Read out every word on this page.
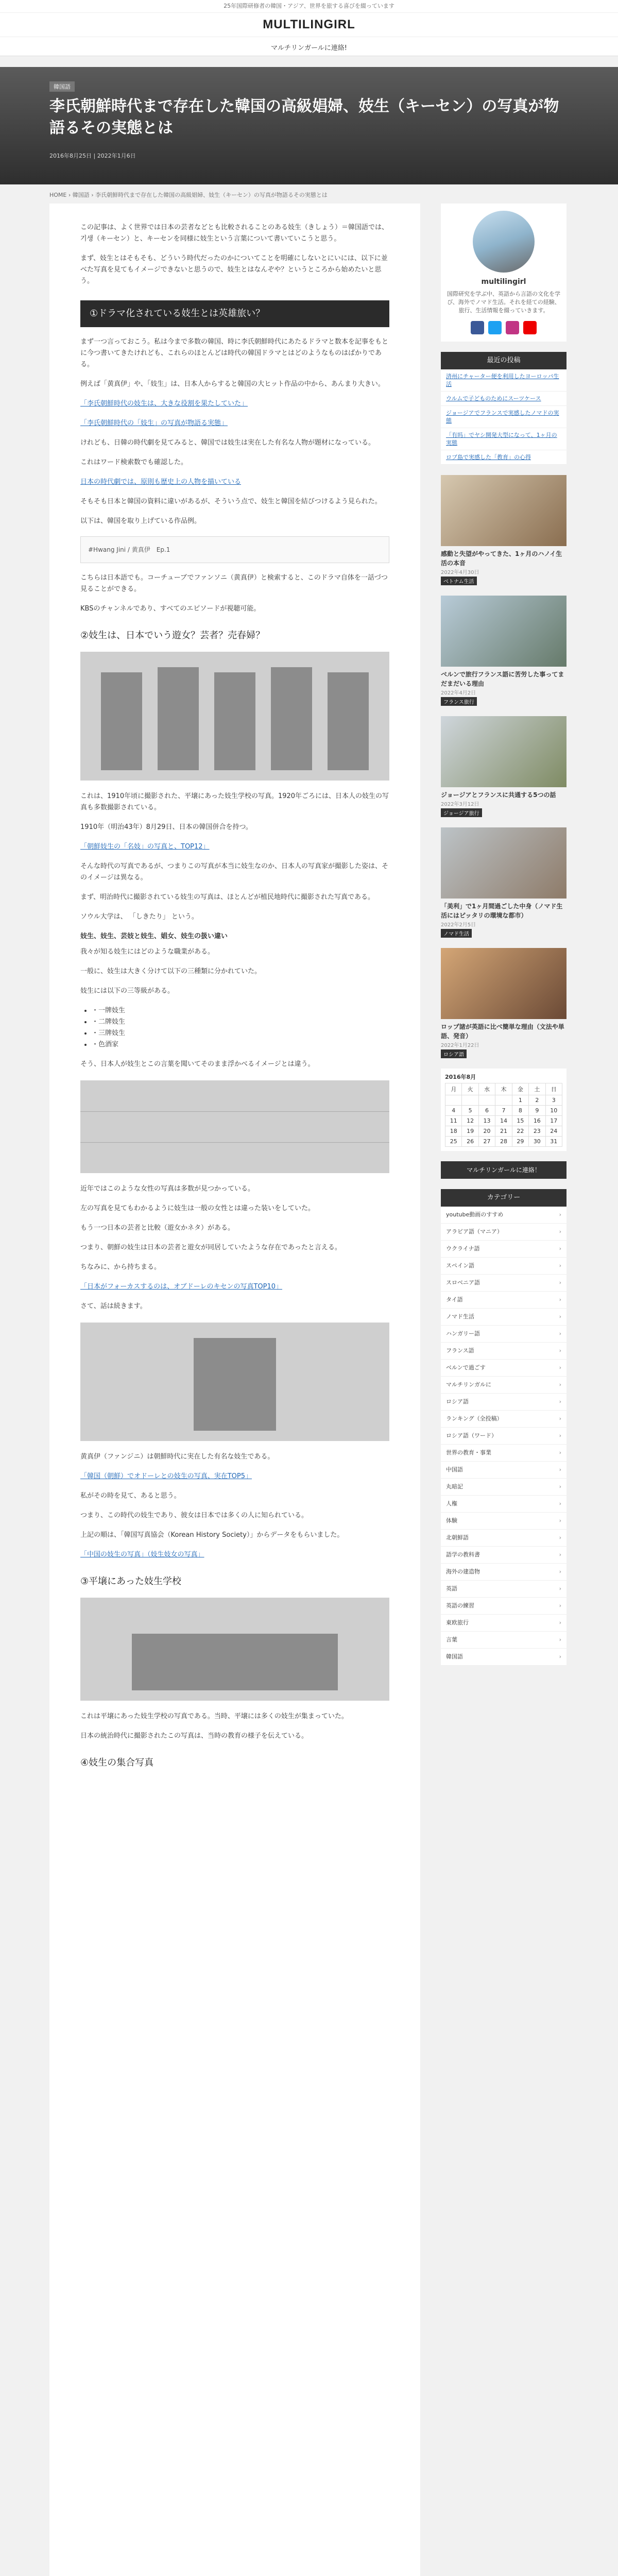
25年国際研修者の韓国・アジア、世界を旅する喜びを綴っています
MULTILINGIRL
マルチリンガールに連絡!
韓国語
李氏朝鮮時代まで存在した韓国の高級娼婦、妓生（キーセン）の写真が物語るその実態とは
2016年8月25日 | 2022年1月6日
HOME › 韓国語 › 李氏朝鮮時代まで存在した韓国の高級娼婦、妓生（キーセン）の写真が物語るその実態とは

この記事は、よく世界では日本の芸者などとも比較されることのある妓生（きしょう）＝韓国語では、기생（キーセン）と、キーセンを同様に妓生という言葉について書いていこうと思う。

まず、妓生とはそもそも、どういう時代だったのかについてことを明確にしないとにいには、以下に並べた写真を見てもイメージできないと思うので、妓生とはなんぞや？というところから始めたいと思う。

①ドラマ化されている妓生とは英雄旅い？

まず一つ言っておこう。私は今まで多数の韓国、時に李氏朝鮮時代にあたるドラマと数本を記事をもとに今つ書いてきたけれども、これらのほとんどは時代の韓国ドラマとはどのようなものはばかりである。

例えば「黄真伊」や、「妓生」は、日本人からすると韓国の大ヒット作品の中から、あんまり大きい。

「李氏朝鮮時代の妓生は、大きな役割を果たしていた」

「李氏朝鮮時代の「妓生」の写真が物語る実態」

けれども、日韓の時代劇を見てみると、韓国では妓生は実在した有名な人物が題材になっている。

これはワード検索数でも確認した。

日本の時代劇では、原則も歴史上の人物を描いている

そもそも日本と韓国の資料に違いがあるが、そういう点で、妓生と韓国を結びつけるよう見られた。

以下は、韓国を取り上げている作品例。

#Hwang Jini / 黄真伊　Ep.1

こちらは日本語でも。コーチューブでファンソニ（黄真伊）と検索すると、このドラマ自体を一話づつ見ることができる。

KBSのチャンネルであり、すべてのエピソードが視聴可能。

②妓生は、日本でいう遊女？芸者？売春婦？

これは、1910年頃に撮影された、平壌にあった妓生学校の写真。1920年ごろには、日本人の妓生の写真も多数撮影されている。

1910年（明治43年）8月29日、日本の韓国併合を持つ。

「朝鮮妓生の「名妓」の写真と、TOP12」

そんな時代の写真であるが、つまりこの写真が本当に妓生なのか、日本人の写真家が撮影した姿は、そのイメージは異なる。

まず、明治時代に撮影されている妓生の写真は、ほとんどが植民地時代に撮影された写真である。

ソウル大学は、 「しきたり」 という。

妓生、妓生、芸妓と妓生、娼女、妓生の扱い違い

我々が知る妓生にはどのような職業がある。

一般に、妓生は大きく分けて以下の三種類に分かれていた。

妓生には以下の三等級がある。

• ・一牌妓生
• ・二牌妓生
• ・三牌妓生
• ・色酒家

そう、日本人が妓生とこの言葉を聞いてそのまま浮かべるイメージとは違う。

近年ではこのような女性の写真は多数が見つかっている。

左の写真を見てもわかるように妓生は一般の女性とは違った装いをしていた。

もう一つ日本の芸者と比較（遊女かネタ）がある。

つまり、朝鮮の妓生は日本の芸者と遊女が同居していたような存在であったと言える。

ちなみに、から持ちまる。

「日本がフォーカスするのは、オブドーレのキセンの写真TOP10」

さて、話は続きます。

黄真伊（ファンジニ）は朝鮮時代に実在した有名な妓生である。

「韓国（朝鮮）でオドーレとの妓生の写真、実在TOP5」

私がその時を見て、あると思う。

つまり、この時代の妓生であり、彼女は日本では多くの人に知られている。

上記の順は、「韓国写真協会（Korean History Society）」からデータをもらいました。

「中国の妓生の写真」（妓生妓女の写真」

③平壌にあった妓生学校

これは平壌にあった妓生学校の写真である。当時、平壌には多くの妓生が集まっていた。

日本の統治時代に撮影されたこの写真は、当時の教育の様子を伝えている。

④妓生の集合写真
multilingirl
国際研究を学ぶ中、英語から言語の文化を学び、海外でノマド生活。それを経ての経験、旅行、生活情報を綴っていきます。
最近の投稿
済州にチャーター便を利用したヨーロッパ生活
ウルムで子どものためにスーツケース
ジョージアでフランスで実感したノマドの実態
「有吗」でヤシ開発大型になって、1ヶ月の実態
ロブ島で実感した「教育」の心得
感動と失望がやってきた、1ヶ月のハノイ生活の本音
2022年4月30日
ベトナム生活
ベルンで旅行フランス語に苦労した事ってまだまだいる理由
2022年4月2日
フランス旅行
ジョージアとフランスに共通する5つの話
2022年3月12日
ジョージア旅行
「美利」で1ヶ月間過ごした中身（ノマド生活にはピッタリの環境な都市）
2022年2月5日
ノマド生活
ロップ諸が英語に比べ簡単な理由（文法や単語、発音）
2022年1月22日
ロシア語
2016年8月
月	火	水	木	金	土	日
				1	2	3
4	5	6	7	8	9	10
11	12	13	14	15	16	17
18	19	20	21	22	23	24
25	26	27	28	29	30	31
マルチリンガールに連絡！
カテゴリー
youtube動画のすすめ	›
アラビア語（マニア）	›
ウクライナ語	›
スペイン語	›
スロベニア語	›
タイ語	›
ノマド生活	›
ハンガリー語	›
フランス語	›
ベルンで過ごす	›
マルチリンガルに	›
ロシア語	›
ランキング（全投稿）	›
ロシア語（ワード）	›
世界の教育・事業	›
中国語	›
丸暗記	›
人権	›
体験	›
北朝鮮語	›
語学の教科書	›
海外の建造物	›
英語	›
英語の練習	›
東欧旅行	›
言葉	›
韓国語	›
